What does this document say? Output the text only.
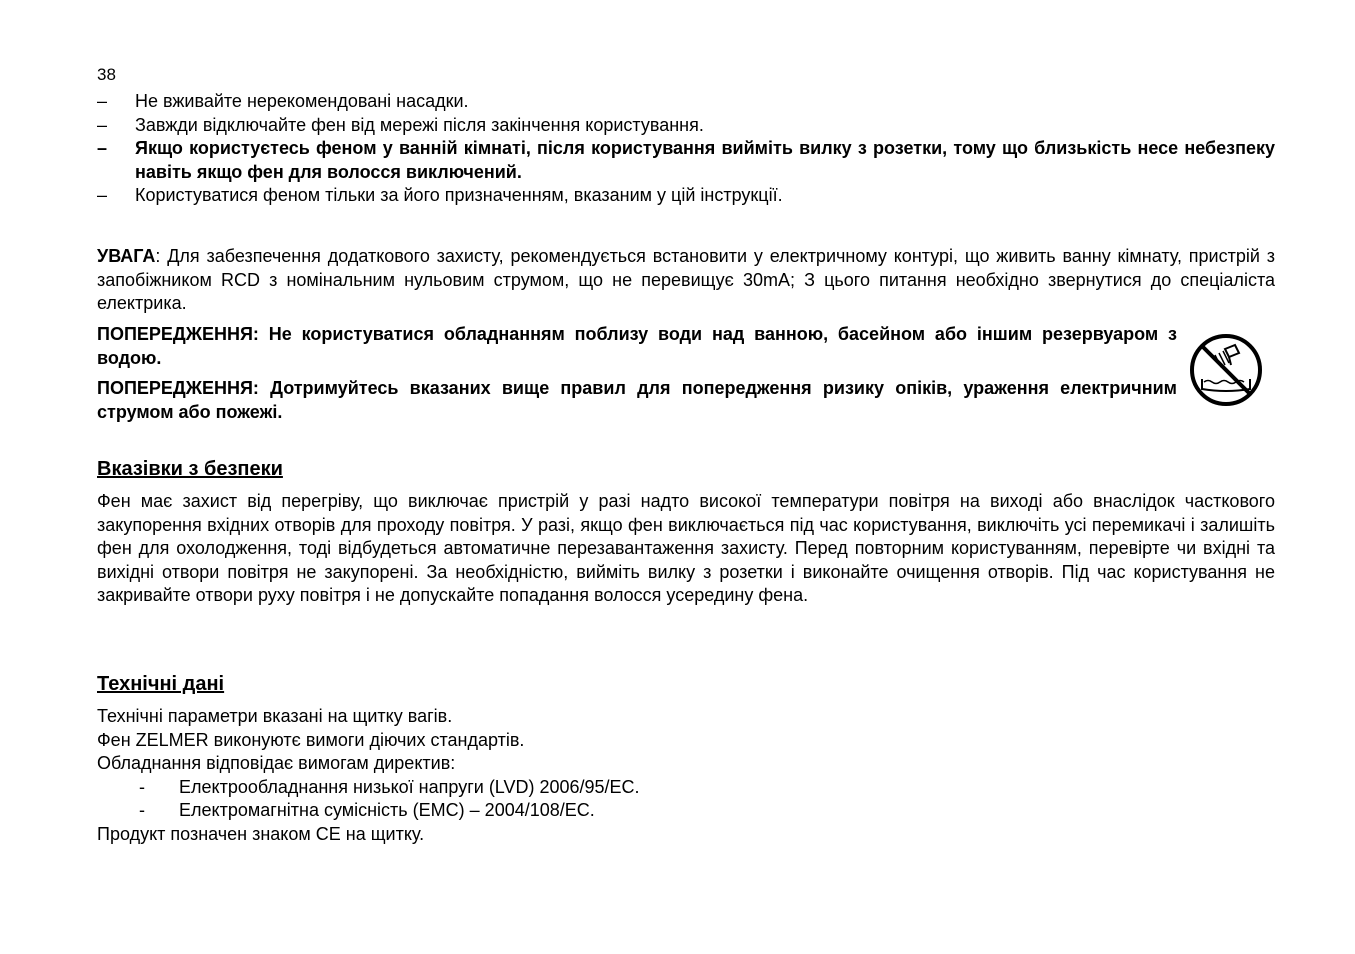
38
– Не вживайте нерекомендовані насадки.
– Завжди відключайте фен від мережі після закінчення користування.
– Якщо користуєтесь феном у ванній кімнаті, після користування вийміть вилку з розетки, тому що близькість несе небезпеку навіть якщо фен для волосся виключений.
– Користуватися феном тільки за його призначенням, вказаним у цій інструкції.

УВАГА: Для забезпечення додаткового захисту, рекомендується встановити у електричному контурі, що живить ванну кімнату, пристрій з запобіжником RCD з номінальним нульовим струмом, що не перевищує 30mA; З цього питання необхідно звернутися до спеціаліста електрика.

ПОПЕРЕДЖЕННЯ: Не користуватися обладнанням поблизу води над ванною, басейном або іншим резервуаром з водою.

ПОПЕРЕДЖЕННЯ: Дотримуйтесь вказаних вище правил для попередження ризику опіків, ураження електричним струмом або пожежі.

Вказівки з безпеки

Фен має захист від перегріву, що виключає пристрій у разі надто високої температури повітря на виході або внаслідок часткового закупорення вхідних отворів для проходу повітря. У разі, якщо фен виключається під час користування, виключіть усі перемикачі і залишіть фен для охолодження, тоді відбудеться автоматичне перезавантаження захисту. Перед повторним користуванням, перевірте чи вхідні та вихідні отвори повітря не закупорені. За необхідністю, вийміть вилку з розетки і виконайте очищення отворів. Під час користування не закривайте отвори руху повітря і не допускайте попадання волосся усередину фена.

Технічні дані

Технічні параметри вказані на щитку вагів.

Фен ZELMER виконуютє вимоги діючих стандартів.

Обладнання відповідає вимогам директив:

- Електрообладнання низької напруги (LVD) 2006/95/EC.
- Електромагнітна сумісність (EMC) – 2004/108/EC.

Продукт позначен знаком CE на щитку.
